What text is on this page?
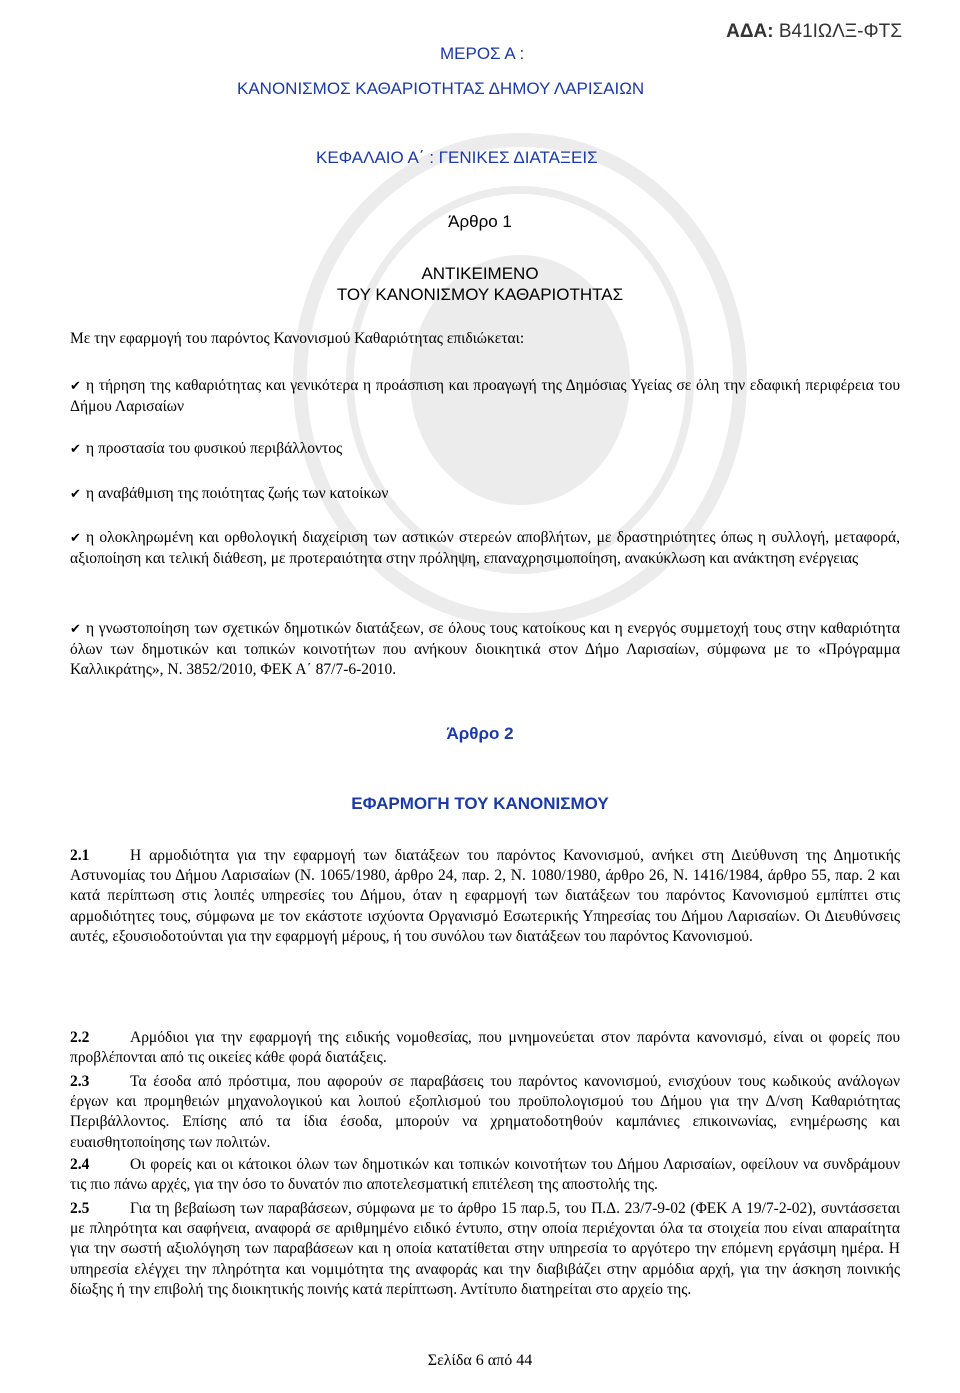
ΑΔΑ: Β41ΙΩΛΞ-ΦΤΣ
ΜΕΡΟΣ Α :
ΚΑΝΟΝΙΣΜΟΣ ΚΑΘΑΡΙΟΤΗΤΑΣ ΔΗΜΟΥ ΛΑΡΙΣΑΙΩΝ
ΚΕΦΑΛΑΙΟ Α΄ : ΓΕΝΙΚΕΣ ΔΙΑΤΑΞΕΙΣ
Άρθρο 1
ΑΝΤΙΚΕΙΜΕΝΟ
ΤΟΥ ΚΑΝΟΝΙΣΜΟΥ ΚΑΘΑΡΙΟΤΗΤΑΣ
Με την εφαρμογή του παρόντος Κανονισμού Καθαριότητας επιδιώκεται:
✔ η τήρηση της καθαριότητας και γενικότερα η προάσπιση και προαγωγή της Δημόσιας Υγείας σε όλη την εδαφική περιφέρεια του Δήμου Λαρισαίων
✔ η προστασία του φυσικού περιβάλλοντος
✔ η αναβάθμιση της ποιότητας ζωής των κατοίκων
✔ η ολοκληρωμένη και ορθολογική διαχείριση των αστικών στερεών αποβλήτων, με δραστηριότητες όπως η συλλογή, μεταφορά, αξιοποίηση και τελική διάθεση, με προτεραιότητα στην πρόληψη, επαναχρησιμοποίηση, ανακύκλωση και ανάκτηση ενέργειας
✔ η γνωστοποίηση των σχετικών δημοτικών διατάξεων, σε όλους τους κατοίκους και η ενεργός συμμετοχή τους στην καθαριότητα όλων των δημοτικών και τοπικών κοινοτήτων που ανήκουν διοικητικά στον Δήμο Λαρισαίων, σύμφωνα με το «Πρόγραμμα Καλλικράτης», Ν. 3852/2010, ΦΕΚ Α΄ 87/7-6-2010.
Άρθρο 2
ΕΦΑΡΜΟΓΗ ΤΟΥ ΚΑΝΟΝΙΣΜΟΥ
2.1	Η αρμοδιότητα για την εφαρμογή των διατάξεων του παρόντος Κανονισμού, ανήκει στη Διεύθυνση της Δημοτικής Αστυνομίας του Δήμου Λαρισαίων (Ν. 1065/1980, άρθρο 24, παρ. 2, Ν. 1080/1980, άρθρο 26, Ν. 1416/1984, άρθρο 55, παρ. 2 και κατά περίπτωση στις λοιπές υπηρεσίες του Δήμου, όταν η εφαρμογή των διατάξεων του παρόντος Κανονισμού εμπίπτει στις αρμοδιότητες τους, σύμφωνα με τον εκάστοτε ισχύοντα Οργανισμό Εσωτερικής Υπηρεσίας του Δήμου Λαρισαίων. Οι Διευθύνσεις αυτές, εξουσιοδοτούνται για την εφαρμογή μέρους, ή του συνόλου των διατάξεων του παρόντος Κανονισμού.
2.2	Αρμόδιοι για την εφαρμογή της ειδικής νομοθεσίας, που μνημονεύεται στον παρόντα κανονισμό, είναι οι φορείς που προβλέπονται από τις οικείες κάθε φορά διατάξεις.
2.3	Τα έσοδα από πρόστιμα, που αφορούν σε παραβάσεις του παρόντος κανονισμού, ενισχύουν τους κωδικούς ανάλογων έργων και προμηθειών μηχανολογικού και λοιπού εξοπλισμού του προϋπολογισμού του Δήμου για την Δ/νση Καθαριότητας Περιβάλλοντος. Επίσης από τα ίδια έσοδα, μπορούν να χρηματοδοτηθούν καμπάνιες επικοινωνίας, ενημέρωσης και ευαισθητοποίησης των πολιτών.
2.4	Οι φορείς και οι κάτοικοι όλων των δημοτικών και τοπικών κοινοτήτων του Δήμου Λαρισαίων, οφείλουν να συνδράμουν τις πιο πάνω αρχές, για την όσο το δυνατόν πιο αποτελεσματική επιτέλεση της αποστολής της.
2.5	Για τη βεβαίωση των παραβάσεων, σύμφωνα με το άρθρο 15 παρ.5, του Π.Δ. 23/7-9-02 (ΦΕΚ Α 19/7-2-02), συντάσσεται με πληρότητα και σαφήνεια, αναφορά σε αριθμημένο ειδικό έντυπο, στην οποία περιέχονται όλα τα στοιχεία που είναι απαραίτητα για την σωστή αξιολόγηση των παραβάσεων και η οποία κατατίθεται στην υπηρεσία το αργότερο την επόμενη εργάσιμη ημέρα. Η υπηρεσία ελέγχει την πληρότητα και νομιμότητα της αναφοράς και την διαβιβάζει στην αρμόδια αρχή, για την άσκηση ποινικής δίωξης ή την επιβολή της διοικητικής ποινής κατά περίπτωση. Αντίτυπο διατηρείται στο αρχείο της.
Σελίδα 6 από 44
